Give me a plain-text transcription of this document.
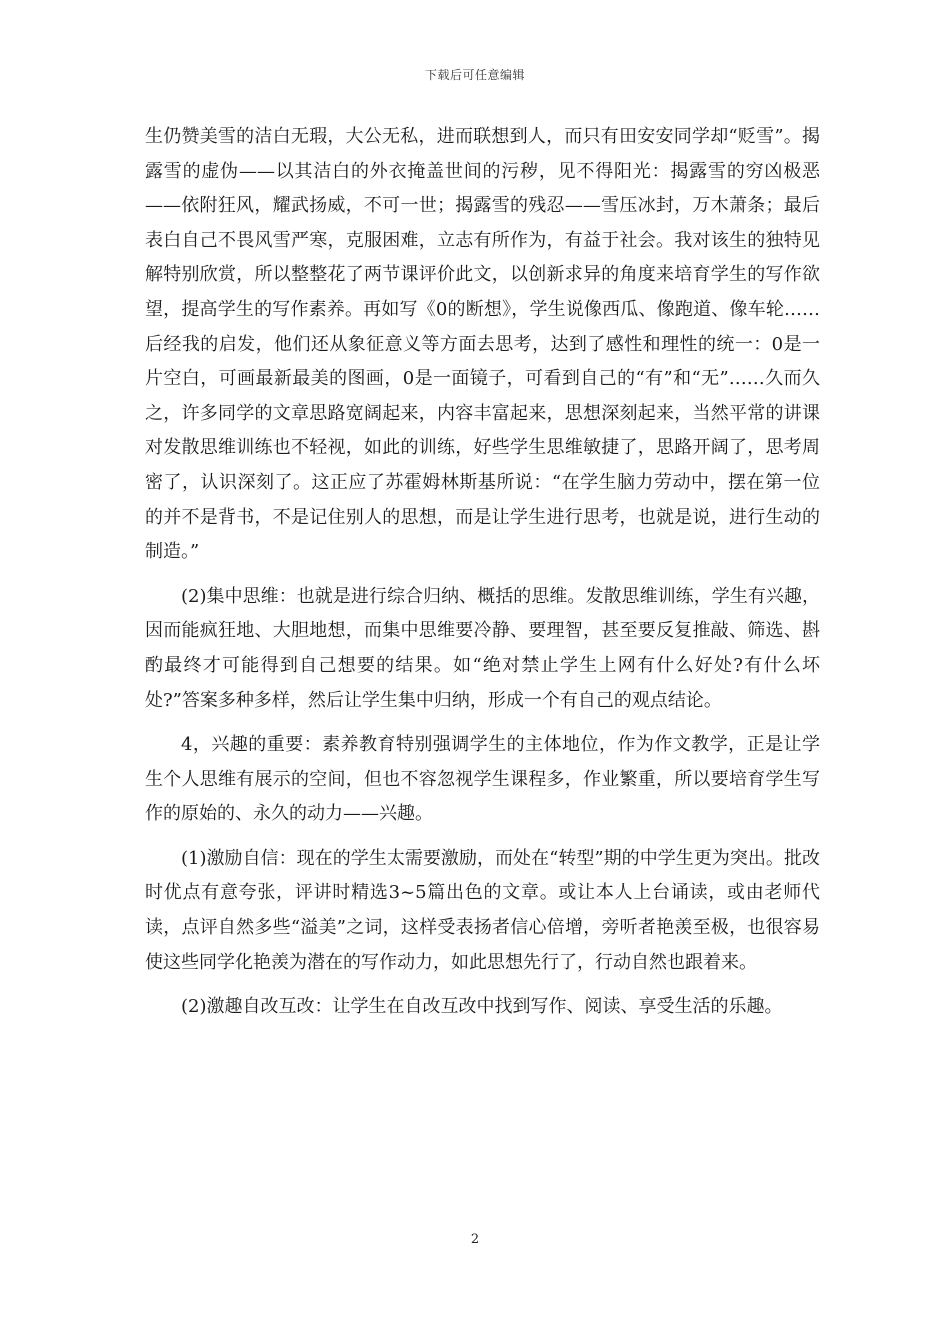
下载后可任意编辑

生仍赞美雪的洁白无瑕，大公无私，进而联想到人，而只有田安安同学却“贬雪”。揭露雪的虚伪——以其洁白的外衣掩盖世间的污秽，见不得阳光：揭露雪的穷凶极恶——依附狂风，耀武扬威，不可一世；揭露雪的残忍——雪压冰封，万木萧条；最后表白自己不畏风雪严寒，克服困难，立志有所作为，有益于社会。我对该生的独特见解特别欣赏，所以整整花了两节课评价此文，以创新求异的角度来培育学生的写作欲望，提高学生的写作素养。再如写《0的断想》，学生说像西瓜、像跑道、像车轮……后经我的启发，他们还从象征意义等方面去思考，达到了感性和理性的统一：0是一片空白，可画最新最美的图画，0是一面镜子，可看到自己的“有”和“无”……久而久之，许多同学的文章思路宽阔起来，内容丰富起来，思想深刻起来，当然平常的讲课对发散思维训练也不轻视，如此的训练，好些学生思维敏捷了，思路开阔了，思考周密了，认识深刻了。这正应了苏霍姆林斯基所说：“在学生脑力劳动中，摆在第一位的并不是背书，不是记住别人的思想，而是让学生进行思考，也就是说，进行生动的制造。”

(2)集中思维：也就是进行综合归纳、概括的思维。发散思维训练，学生有兴趣，因而能疯狂地、大胆地想，而集中思维要冷静、要理智，甚至要反复推敲、筛选、斟酌最终才可能得到自己想要的结果。如“绝对禁止学生上网有什么好处?有什么坏处?”答案多种多样，然后让学生集中归纳，形成一个有自己的观点结论。

4，兴趣的重要：素养教育特别强调学生的主体地位，作为作文教学，正是让学生个人思维有展示的空间，但也不容忽视学生课程多，作业繁重，所以要培育学生写作的原始的、永久的动力——兴趣。

(1)激励自信：现在的学生太需要激励，而处在“转型”期的中学生更为突出。批改时优点有意夸张，评讲时精选3~5篇出色的文章。或让本人上台诵读，或由老师代读，点评自然多些“溢美”之词，这样受表扬者信心倍增，旁听者艳羡至极，也很容易使这些同学化艳羡为潜在的写作动力，如此思想先行了，行动自然也跟着来。

(2)激趣自改互改：让学生在自改互改中找到写作、阅读、享受生活的乐趣。

2
